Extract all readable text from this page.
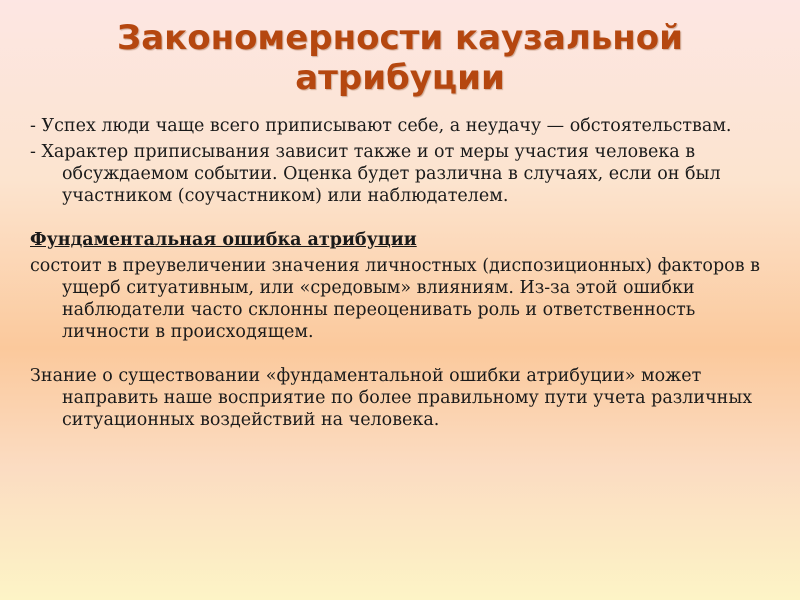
Закономерности каузальной
атрибуции

- Успех люди чаще всего приписывают себе, а неудачу — обстоятельствам.

- Характер приписывания зависит также и от меры участия человека в обсуждаемом событии. Оценка будет различна в случаях, если он был участником (соучастником) или наблюдателем.

Фундаментальная ошибка атрибуции

состоит в преувеличении значения личностных (диспозиционных) факторов в ущерб ситуативным, или «средовым» влияниям. Из-за этой ошибки наблюдатели часто склонны переоценивать роль и ответственность личности в происходящем.

Знание о существовании «фундаментальной ошибки атрибуции» может направить наше восприятие по более правильному пути учета различных ситуационных воздействий на человека.
